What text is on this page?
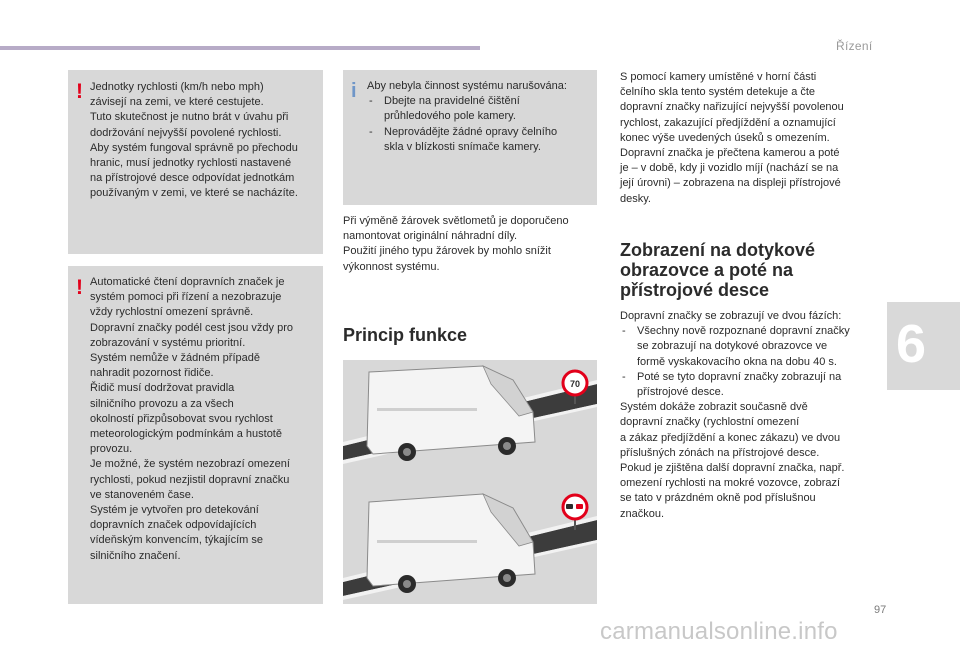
Řízení
6
! Jednotky rychlosti (km/h nebo mph)

závisejí na zemi, ve které cestujete.

Tuto skutečnost je nutno brát v úvahu při

dodržování nejvyšší povolené rychlosti.

Aby systém fungoval správně po přechodu

hranic, musí jednotky rychlosti nastavené

na přístrojové desce odpovídat jednotkám

používaným v zemi, ve které se nacházíte.

! Automatické čtení dopravních značek je

systém pomoci při řízení a nezobrazuje

vždy rychlostní omezení správně.

Dopravní značky podél cest jsou vždy pro

zobrazování v systému prioritní.

Systém nemůže v žádném případě

nahradit pozornost řidiče.

Řidič musí dodržovat pravidla

silničního provozu a za všech

okolností přizpůsobovat svou rychlost

meteorologickým podmínkám a hustotě

provozu.

Je možné, že systém nezobrazí omezení

rychlosti, pokud nezjistil dopravní značku

ve stanoveném čase.

Systém je vytvořen pro detekování

dopravních značek odpovídajících

vídeňským konvencím, týkajícím se

silničního značení.

i Aby nebyla činnost systému narušována:

- Dbejte na pravidelné čištění
průhledového pole kamery.
- Neprovádějte žádné opravy čelního
skla v blízkosti snímače kamery.

Při výměně žárovek světlometů je doporučeno

namontovat originální náhradní díly.

Použití jiného typu žárovek by mohlo snížit

výkonnost systému.

Princip funkce
70

S pomocí kamery umístěné v horní části

čelního skla tento systém detekuje a čte

dopravní značky nařizující nejvyšší povolenou

rychlost, zakazující předjíždění a oznamující

konec výše uvedených úseků s omezením.

Dopravní značka je přečtena kamerou a poté

je – v době, kdy ji vozidlo míjí (nachází se na

její úrovni) – zobrazena na displeji přístrojové

desky.

Zobrazení na dotykové
obrazovce a poté na
přístrojové desce

Dopravní značky se zobrazují ve dvou fázích:

- Všechny nově rozpoznané dopravní značky
se zobrazují na dotykové obrazovce ve
formě vyskakovacího okna na dobu 40 s.
- Poté se tyto dopravní značky zobrazují na
přístrojové desce.

Systém dokáže zobrazit současně dvě

dopravní značky (rychlostní omezení

a zákaz předjíždění a konec zákazu) ve dvou

příslušných zónách na přístrojové desce.

Pokud je zjištěna další dopravní značka, např.

omezení rychlosti na mokré vozovce, zobrazí

se tato v prázdném okně pod příslušnou

značkou.

97
carmanualsonline.info
